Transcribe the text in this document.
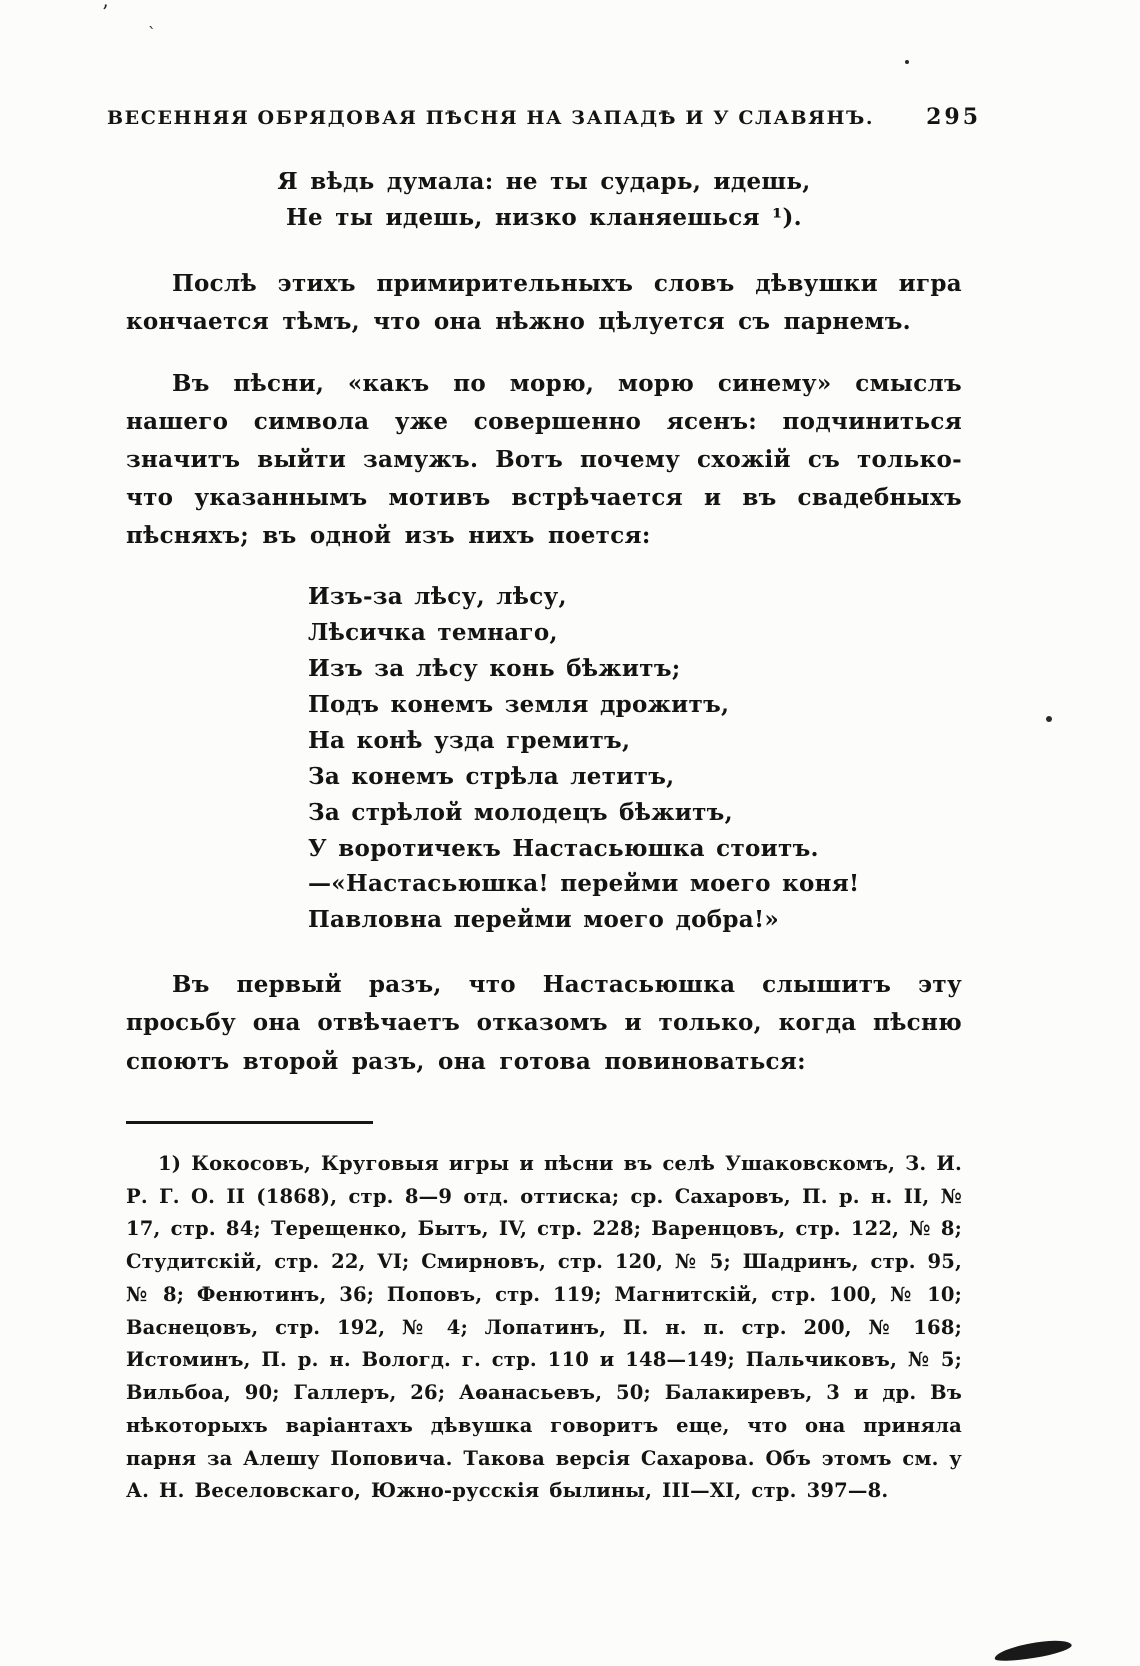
ВЕСЕННЯЯ ОБРЯДОВАЯ ПѢСНЯ НА ЗАПАДѢ И У СЛАВЯНЪ. 295
Я вѣдь думала: не ты сударь, идешь,
Не ты идешь, низко кланяешься ¹).

Послѣ этихъ примирительныхъ словъ дѣвушки игра кончается тѣмъ, что она нѣжно цѣлуется съ парнемъ.

Въ пѣсни, «какъ по морю, морю синему» смыслъ нашего символа уже совершенно ясенъ: подчиниться значитъ выйти замужъ. Вотъ почему схожій съ только-что указаннымъ мотивъ встрѣчается и въ свадебныхъ пѣсняхъ; въ одной изъ нихъ поется:

Изъ-за лѣсу, лѣсу,
Лѣсичка темнаго,
Изъ за лѣсу конь бѣжитъ;
Подъ конемъ земля дрожитъ,
На конѣ узда гремитъ,
За конемъ стрѣла летитъ,
За стрѣлой молодецъ бѣжитъ,
У воротичекъ Настасьюшка стоитъ.
—«Настасьюшка! перейми моего коня!
Павловна перейми моего добра!»

Въ первый разъ, что Настасьюшка слышитъ эту просьбу она отвѣчаетъ отказомъ и только, когда пѣсню споютъ второй разъ, она готова повиноваться:

1) Кокосовъ, Круговыя игры и пѣсни въ селѣ Ушаковскомъ, З. И. Р. Г. О. II (1868), стр. 8—9 отд. оттиска; ср. Сахаровъ, П. р. н. II, № 17, стр. 84; Терещенко, Бытъ, IV, стр. 228; Варенцовъ, стр. 122, № 8; Студитскій, стр. 22, VI; Смирновъ, стр. 120, № 5; Шадринъ, стр. 95, № 8; Фенютинъ, 36; Поповъ, стр. 119; Магнитскій, стр. 100, № 10; Васнецовъ, стр. 192, № 4; Лопатинъ, П. н. п. стр. 200, № 168; Истоминъ, П. р. н. Вологд. г. стр. 110 и 148—149; Пальчиковъ, № 5; Вильбоа, 90; Галлеръ, 26; Аѳанасьевъ, 50; Балакиревъ, 3 и др. Въ нѣкоторыхъ варіантахъ дѣвушка говоритъ еще, что она приняла парня за Алешу Поповича. Такова версія Сахарова. Объ этомъ см. у А. Н. Веселовскаго, Южно-русскія былины, III—XI, стр. 397—8.

’
`
